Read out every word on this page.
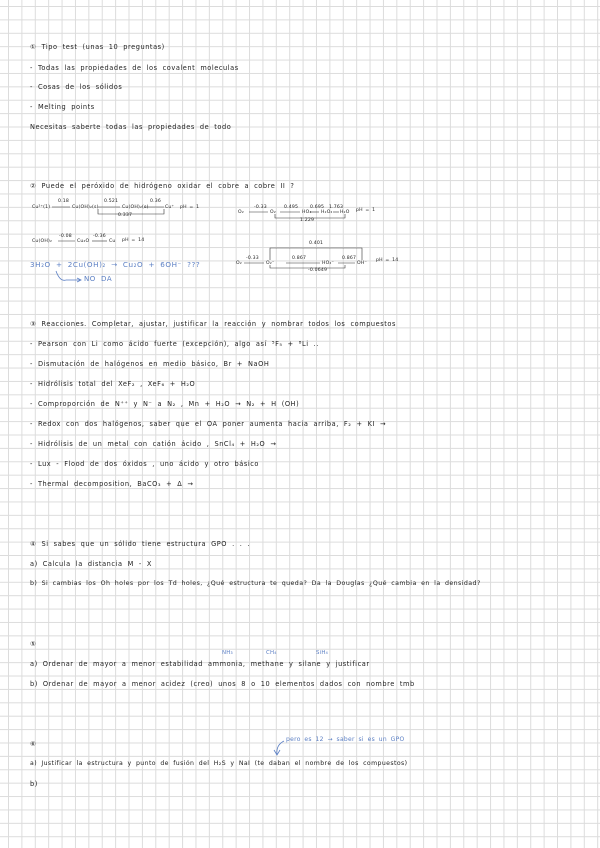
① Tipo test (unas 10 preguntas)
- Todas las propiedades de los covalent moleculas
- Cosas de los sólidos
- Melting points
Necesitas saberte todas las propiedades de todo
② Puede el peróxido de hidrógeno oxidar el cobre a cobre II ?
Cu²⁺(1)	Cu(OH)₂(s)	Cu(OH)₂(s)	Cu⁺
0.18	0.521	0.36
0.337
pH = 1
Cu(OH)₂	Cu₂O	Cu
-0.08	-0.36
pH = 14
O₂	O₂	HO₂ H₂O₂ H₂O
-0.33	0.495	0.695 1.763
1.229
pH = 1
O₂	O₂⁻	HO₂⁻	OH⁻
-0.33	0.867	0.867
0.401
-0.0649
pH = 14
3H₂O + 2Cu(OH)₂ → Cu₂O + 6OH⁻ ???
NO DA
③ Reacciones. Completar, ajustar, justificar la reacción y nombrar todos los compuestos
- Pearson con Li como ácido fuerte (excepción), algo así ⁵F₅ + ⁸Li ..
- Dismutación de halógenos en medio básico, Br + NaOH
- Hidrólisis total del XeF₂ , XeF₆ + H₂O
- Comproporción de N⁺⁺ y N⁻ a N₂ , Mn + H₂O → N₂ + H (OH)
- Redox con dos halógenos, saber que el OA poner aumenta hacia arriba, F₂ + KI →
- Hidrólisis de un metal con catión ácido , SnCl₄ + H₂O →
- Lux - Flood de dos óxidos , uno ácido y otro básico
- Thermal decomposition, BaCO₃ + Δ →
④ Si sabes que un sólido tiene estructura GPO . . .
a) Calcula la distancia M - X
b) Si cambias los Oh holes por los Td holes, ¿Qué estructura te queda? Da la Douglas ¿Qué cambia en la densidad?
⑤
NH₃	CH₄	SiH₄
a) Ordenar de mayor a menor estabilidad ammonia, methane y silane y justificar
b) Ordenar de mayor a menor acidez (creo) unos 8 o 10 elementos dados con nombre tmb
⑥
pero es 12 → saber si es un GPO
a) Justificar la estructura y punto de fusión del H₂S y NaI (te daban el nombre de los compuestos)
b)
